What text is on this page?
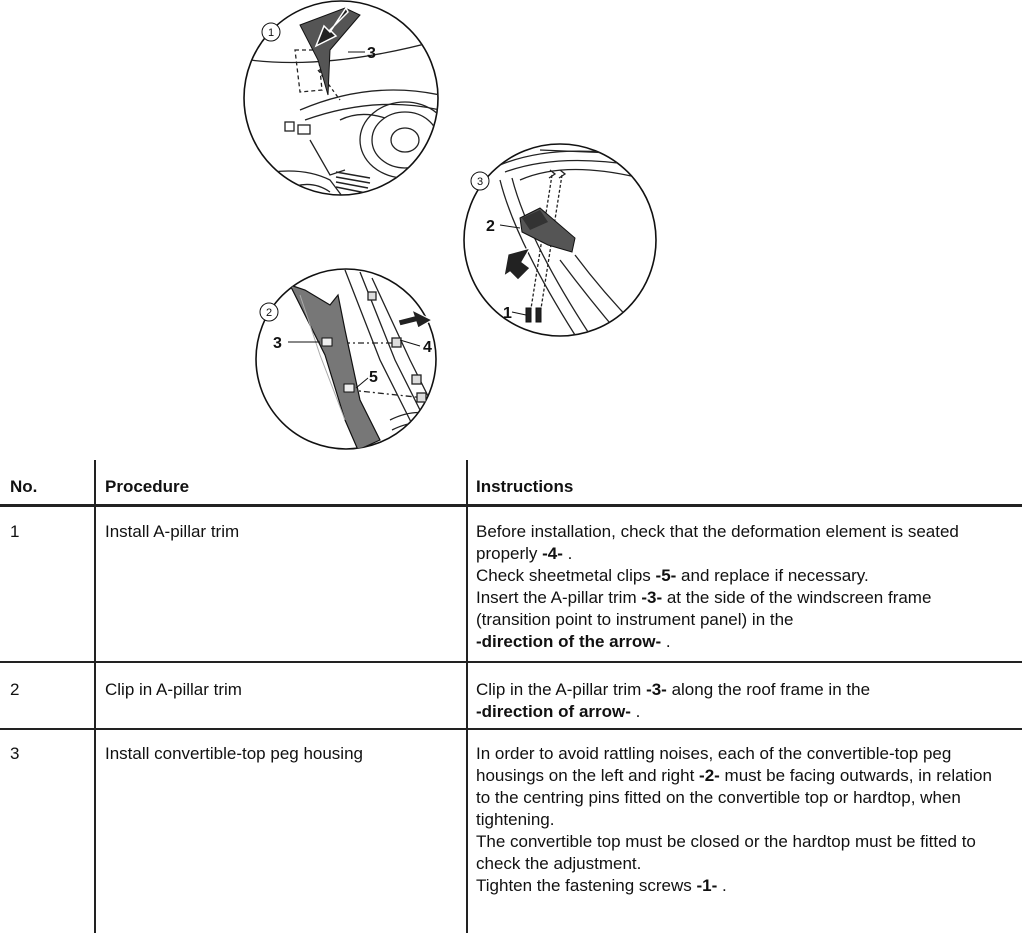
1
3
2
3	4
5
3
2
1
No.	Procedure	Instructions
1	Install A-pillar trim	Before installation, check that the deformation element is seated properly -4- .

Check sheetmetal clips -5- and replace if necessary.

Insert the A-pillar trim -3- at the side of the windscreen frame (transition point to instrument panel) in the

-direction of the arrow- .

2	Clip in A-pillar trim	Clip in the A-pillar trim -3- along the roof frame in the

-direction of arrow- .

3	Install convertible-top peg housing	In order to avoid rattling noises, each of the convertible-top peg housings on the left and right -2- must be facing outwards, in relation to the centring pins fitted on the convertible top or hardtop, when tightening.

The convertible top must be closed or the hardtop must be fitted to check the adjustment.

Tighten the fastening screws -1- .
